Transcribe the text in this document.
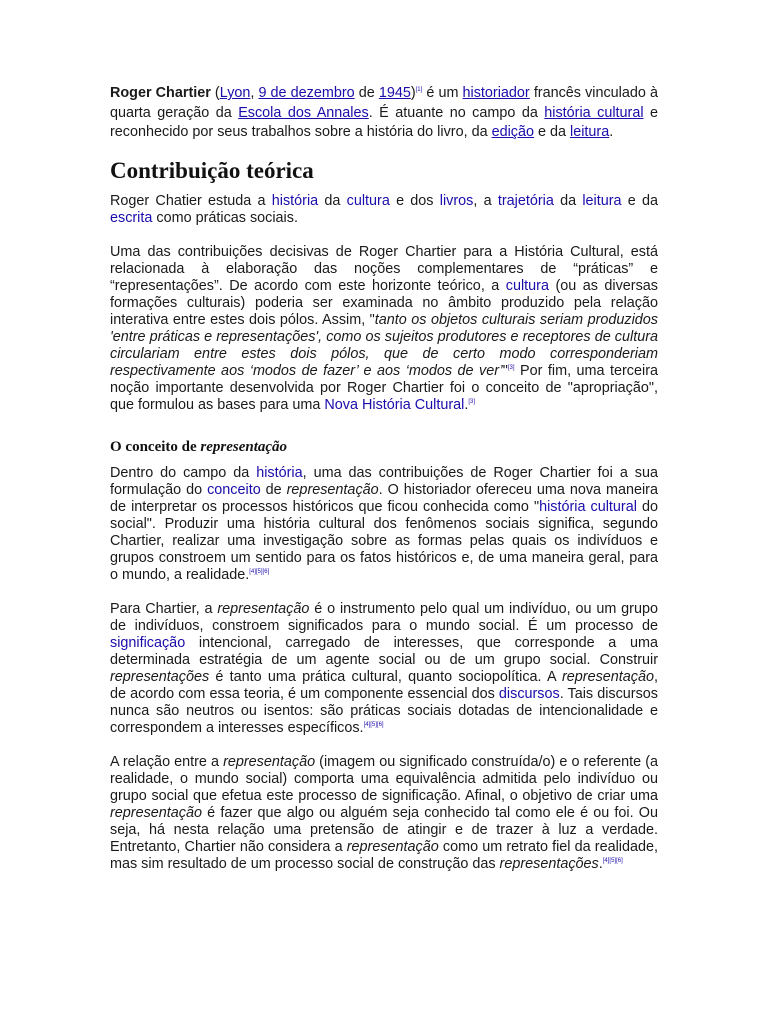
Roger Chartier (Lyon, 9 de dezembro de 1945)[1] é um historiador francês vinculado à quarta geração da Escola dos Annales. É atuante no campo da história cultural e reconhecido por seus trabalhos sobre a história do livro, da edição e da leitura.

Contribuição teórica

Roger Chatier estuda a história da cultura e dos livros, a trajetória da leitura e da escrita como práticas sociais.

Uma das contribuições decisivas de Roger Chartier para a História Cultural, está relacionada à elaboração das noções complementares de “práticas” e “representações”. De acordo com este horizonte teórico, a cultura (ou as diversas formações culturais) poderia ser examinada no âmbito produzido pela relação interativa entre estes dois pólos. Assim, "tanto os objetos culturais seriam produzidos 'entre práticas e representações', como os sujeitos produtores e receptores de cultura circulariam entre estes dois pólos, que de certo modo corresponderiam respectivamente aos ‘modos de fazer’ e aos ‘modos de ver’"[3] Por fim, uma terceira noção importante desenvolvida por Roger Chartier foi o conceito de "apropriação", que formulou as bases para uma Nova História Cultural.[3]

O conceito de representação

Dentro do campo da história, uma das contribuições de Roger Chartier foi a sua formulação do conceito de representação. O historiador ofereceu uma nova maneira de interpretar os processos históricos que ficou conhecida como "história cultural do social". Produzir uma história cultural dos fenômenos sociais significa, segundo Chartier, realizar uma investigação sobre as formas pelas quais os indivíduos e grupos constroem um sentido para os fatos históricos e, de uma maneira geral, para o mundo, a realidade.[4][5][6]

Para Chartier, a representação é o instrumento pelo qual um indivíduo, ou um grupo de indivíduos, constroem significados para o mundo social. É um processo de significação intencional, carregado de interesses, que corresponde a uma determinada estratégia de um agente social ou de um grupo social. Construir representações é tanto uma prática cultural, quanto sociopolítica. A representação, de acordo com essa teoria, é um componente essencial dos discursos. Tais discursos nunca são neutros ou isentos: são práticas sociais dotadas de intencionalidade e correspondem a interesses específicos.[4][5][6]

A relação entre a representação (imagem ou significado construída/o) e o referente (a realidade, o mundo social) comporta uma equivalência admitida pelo indivíduo ou grupo social que efetua este processo de significação. Afinal, o objetivo de criar uma representação é fazer que algo ou alguém seja conhecido tal como ele é ou foi. Ou seja, há nesta relação uma pretensão de atingir e de trazer à luz a verdade. Entretanto, Chartier não considera a representação como um retrato fiel da realidade, mas sim resultado de um processo social de construção das representações.[4][5][6]
